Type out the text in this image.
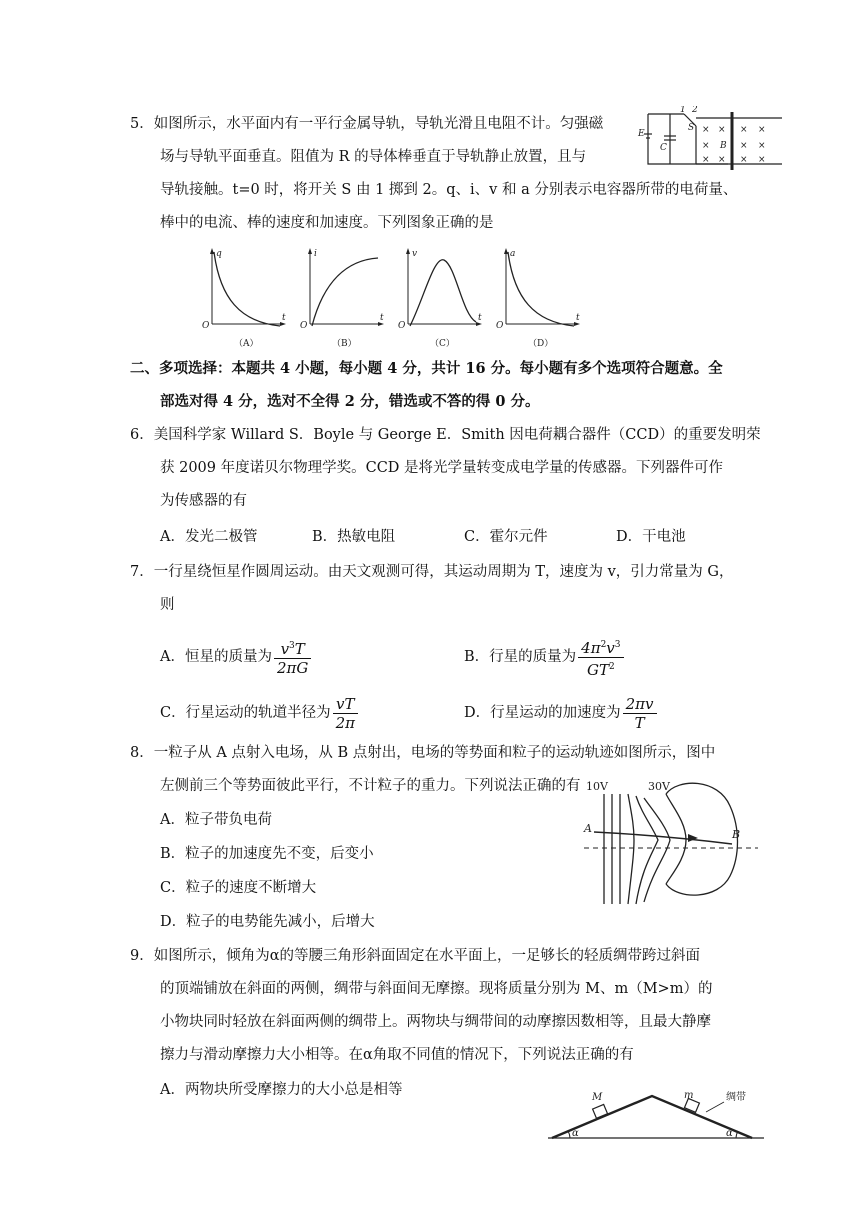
5．如图所示，水平面内有一平行金属导轨，导轨光滑且电阻不计。匀强磁
场与导轨平面垂直。阻值为 R 的导体棒垂直于导轨静止放置，且与
导轨接触。t=0 时，将开关 S 由 1 掷到 2。q、i、v 和 a 分别表示电容器所带的电荷量、
棒中的电流、棒的速度和加速度。下列图象正确的是
× × × ×
×	× ×
× × × ×
E
C
S
1 2
B
q
t
O
（A）
i
t
O
（B）
v
t
O
（C）
a
t
O
（D）
二、多项选择：本题共 4 小题，每小题 4 分，共计 16 分。每小题有多个选项符合题意。全
部选对得 4 分，选对不全得 2 分，错选或不答的得 0 分。
6．美国科学家 Willard S．Boyle 与 George E．Smith 因电荷耦合器件（CCD）的重要发明荣
获 2009 年度诺贝尔物理学奖。CCD 是将光学量转变成电学量的传感器。下列器件可作
为传感器的有
A．发光二极管	B．热敏电阻	C．霍尔元件	D．干电池
7．一行星绕恒星作圆周运动。由天文观测可得，其运动周期为 T，速度为 v，引力常量为 G，
则
A．恒星的质量为 $\frac{v^3T}{2\pi G}$	B．行星的质量为 $\frac{4\pi^2v^3}{GT^2}$
C．行星运动的轨道半径为 $\frac{vT}{2\pi}$	D．行星运动的加速度为 $\frac{2\pi v}{T}$
8．一粒子从 A 点射入电场，从 B 点射出，电场的等势面和粒子的运动轨迹如图所示，图中
左侧前三个等势面彼此平行，不计粒子的重力。下列说法正确的有
A．粒子带负电荷
B．粒子的加速度先不变，后变小
C．粒子的速度不断增大
D．粒子的电势能先减小，后增大
10V	30V
A	B
9．如图所示，倾角为α的等腰三角形斜面固定在水平面上，一足够长的轻质绸带跨过斜面
的顶端铺放在斜面的两侧，绸带与斜面间无摩擦。现将质量分别为 M、m（M>m）的
小物块同时轻放在斜面两侧的绸带上。两物块与绸带间的动摩擦因数相等，且最大静摩
擦力与滑动摩擦力大小相等。在α角取不同值的情况下，下列说法正确的有
A．两物块所受摩擦力的大小总是相等	M	m	绸带
α	α
